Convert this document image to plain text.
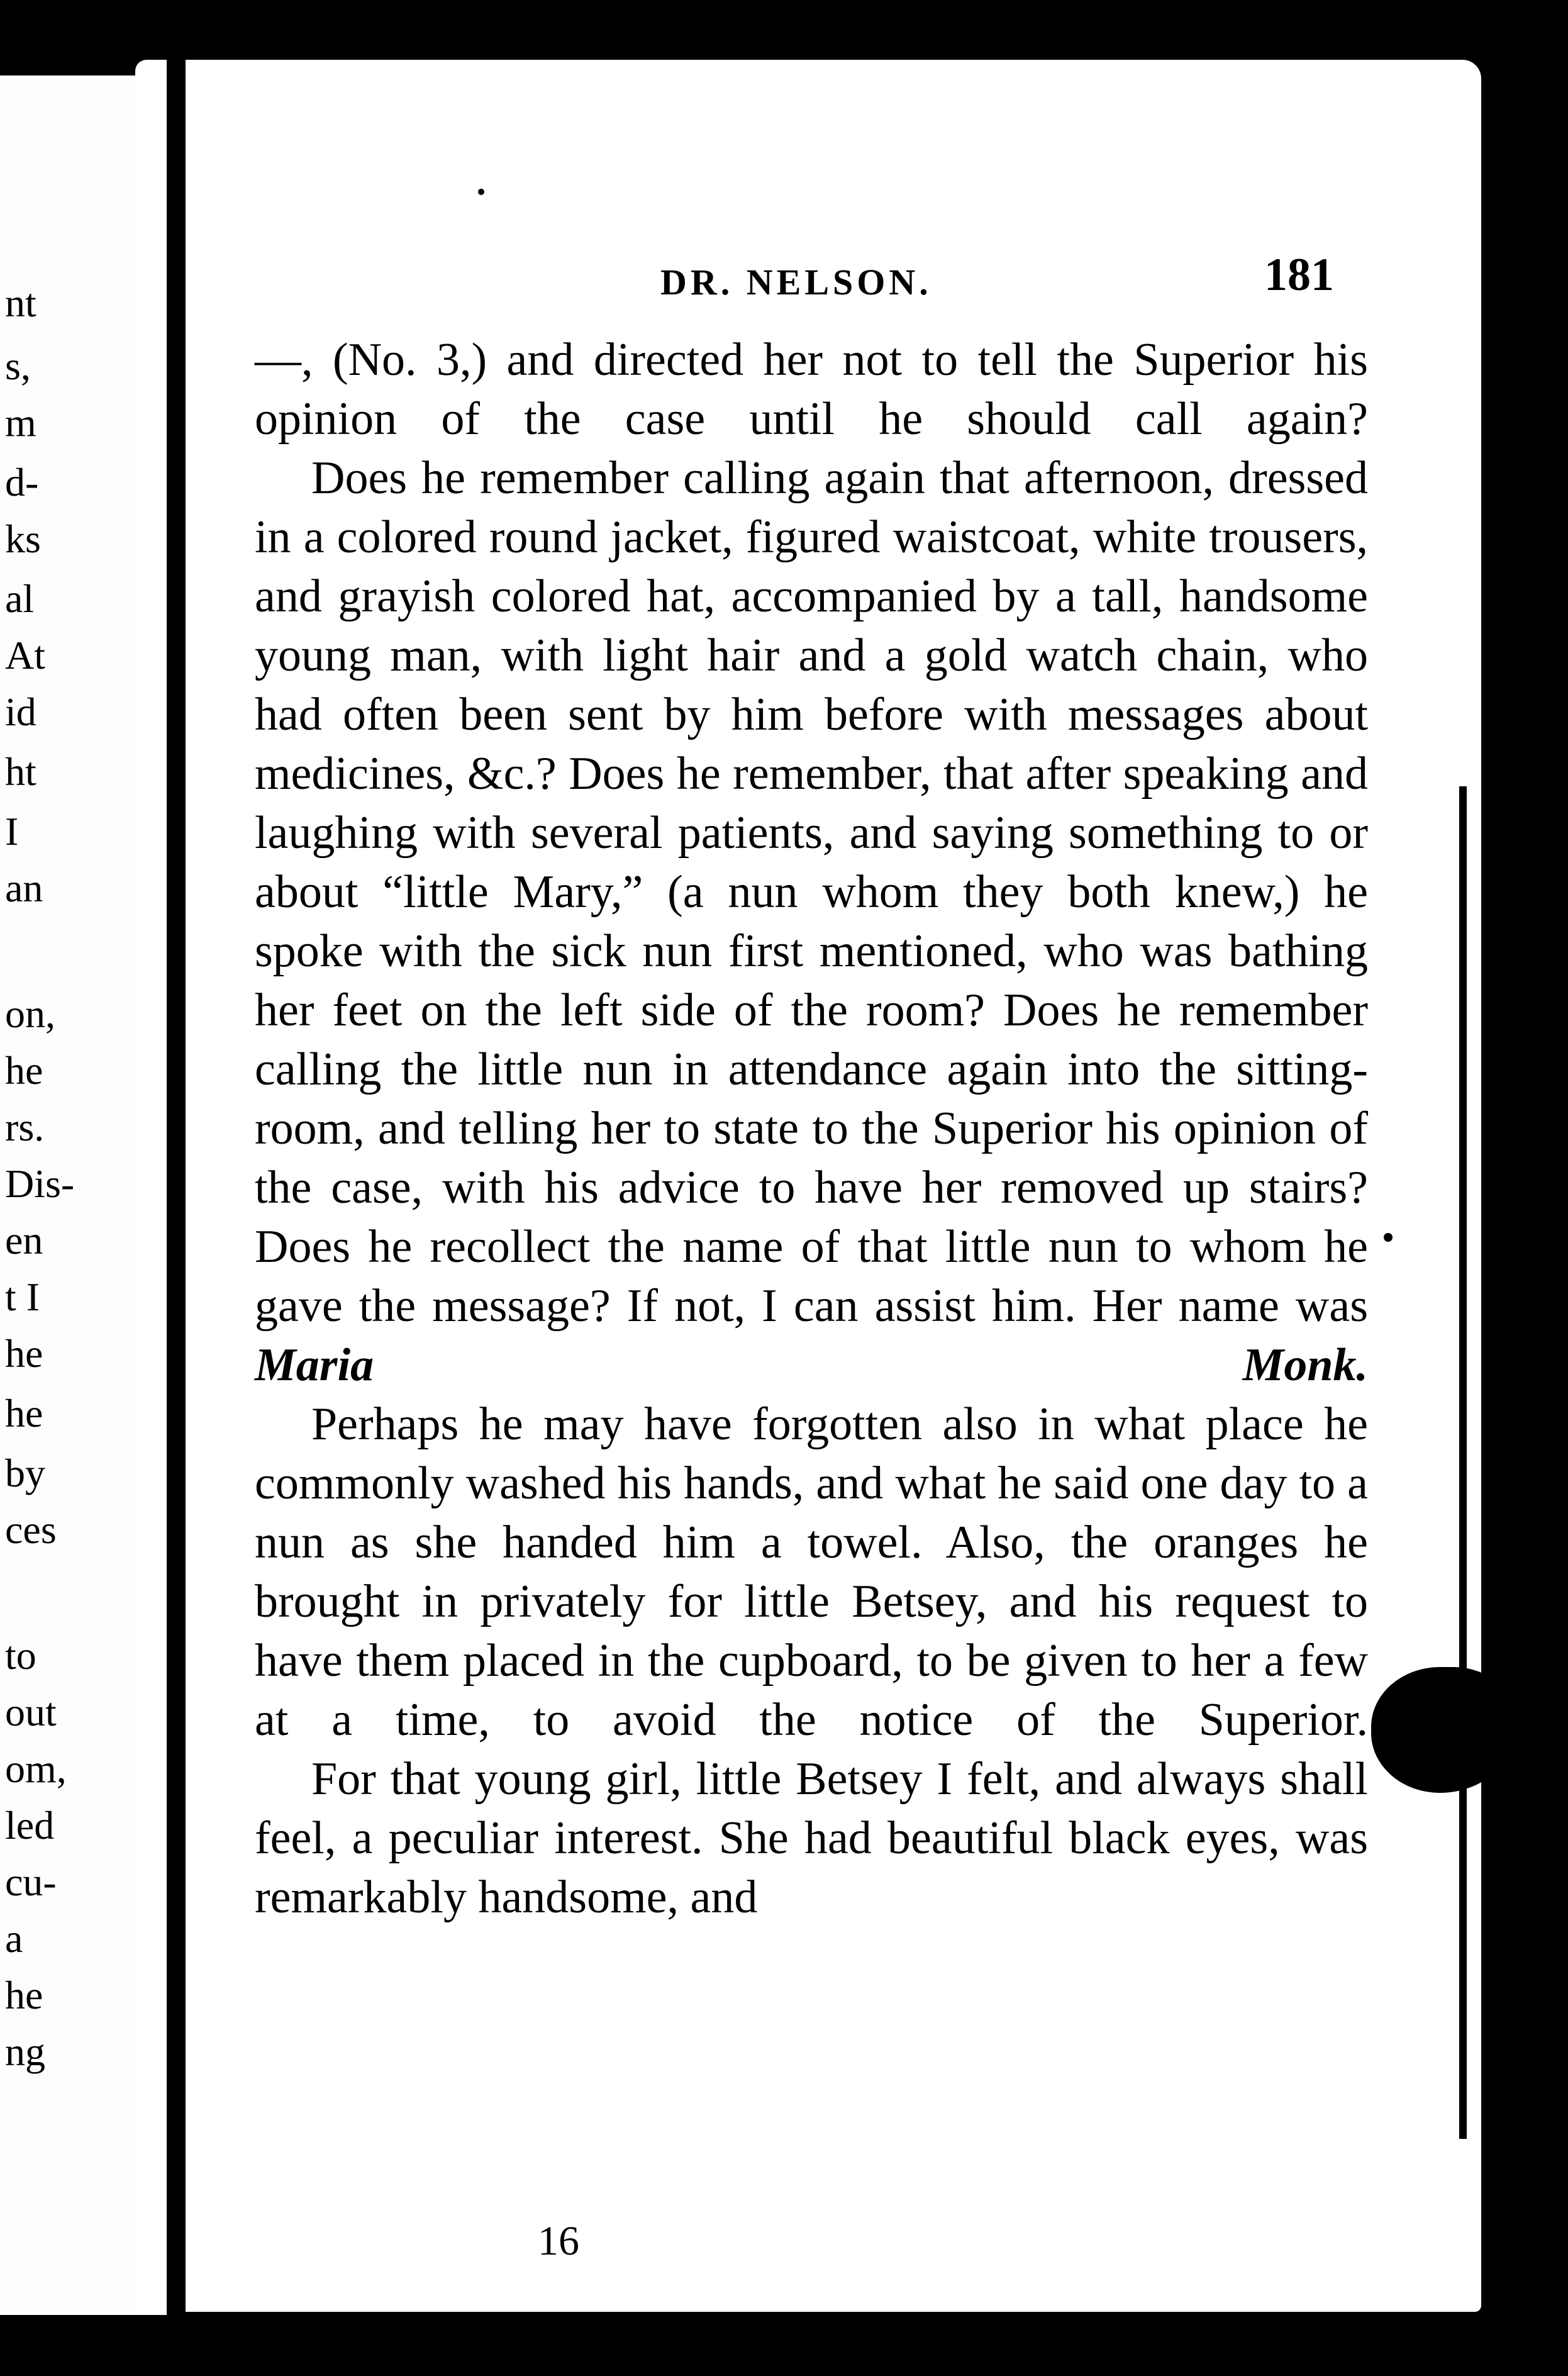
nt
s,
m
d-
ks
al
At
id
ht
I
an
on,
he
rs.
Dis-
en
t I
he
he
by
ces
to
out
om,
led
cu-
a
he
ng
DR. NELSON.	181

—, (No. 3,) and directed her not to tell the Superior his opinion of the case until he should call again?

Does he remember calling again that afternoon, dressed in a colored round jacket, figured waistcoat, white trousers, and grayish colored hat, accompanied by a tall, handsome young man, with light hair and a gold watch chain, who had often been sent by him before with messages about medicines, &c.? Does he remember, that after speaking and laughing with several patients, and saying something to or about “little Mary,” (a nun whom they both knew,) he spoke with the sick nun first mentioned, who was bathing her feet on the left side of the room? Does he remember calling the little nun in attendance again into the sitting-room, and telling her to state to the Superior his opinion of the case, with his advice to have her removed up stairs? Does he recollect the name of that little nun to whom he gave the message? If not, I can assist him. Her name was Maria Monk.

Perhaps he may have forgotten also in what place he commonly washed his hands, and what he said one day to a nun as she handed him a towel. Also, the oranges he brought in privately for little Betsey, and his request to have them placed in the cupboard, to be given to her a few at a time, to avoid the notice of the Superior.

For that young girl, little Betsey I felt, and always shall feel, a peculiar interest. She had beautiful black eyes, was remarkably handsome, and

16
